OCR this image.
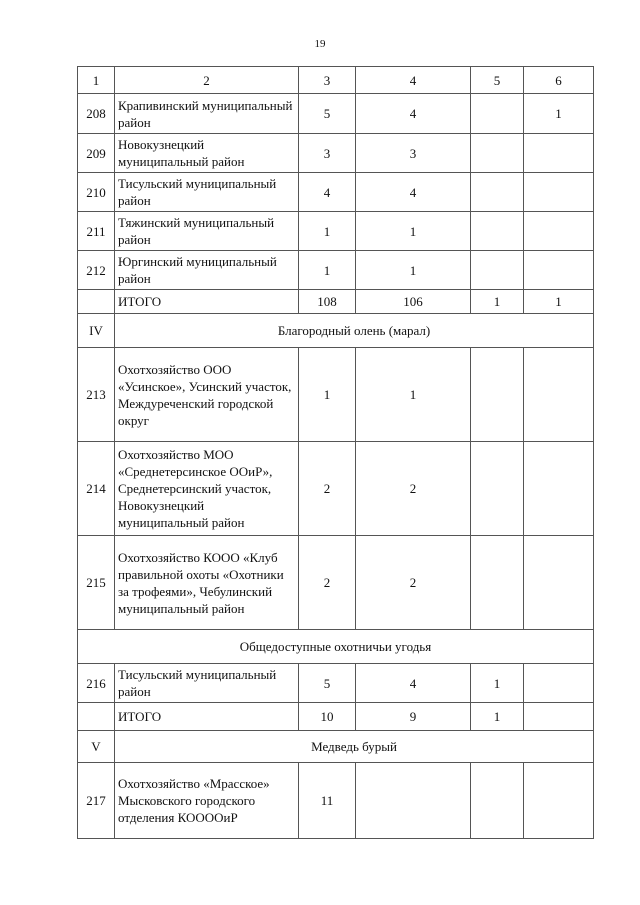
19
1	2	3	4	5	6
208	Крапивинский муниципальный район	5	4		1
209	Новокузнецкий муниципальный район	3	3		
210	Тисульский муниципальный район	4	4		
211	Тяжинский муниципальный район	1	1		
212	Юргинский муниципальный район	1	1		
	ИТОГО	108	106	1	1
IV	Благородный олень (марал)				
213	Охотхозяйство ООО «Усинское», Усинский участок, Междуреченский городской округ	1	1		
214	Охотхозяйство МОО «Среднетерсинское ООиР», Среднетерсинский участок, Новокузнецкий муниципальный район	2	2		
215	Охотхозяйство КООО «Клуб правильной охоты «Охотники за трофеями», Чебулинский муниципальный район	2	2		
Общедоступные охотничьи угодья					
216	Тисульский муниципальный район	5	4	1	
	ИТОГО	10	9	1	
V	Медведь бурый				
217	Охотхозяйство «Мрасское» Мысковского городского отделения КООООиР	11			
